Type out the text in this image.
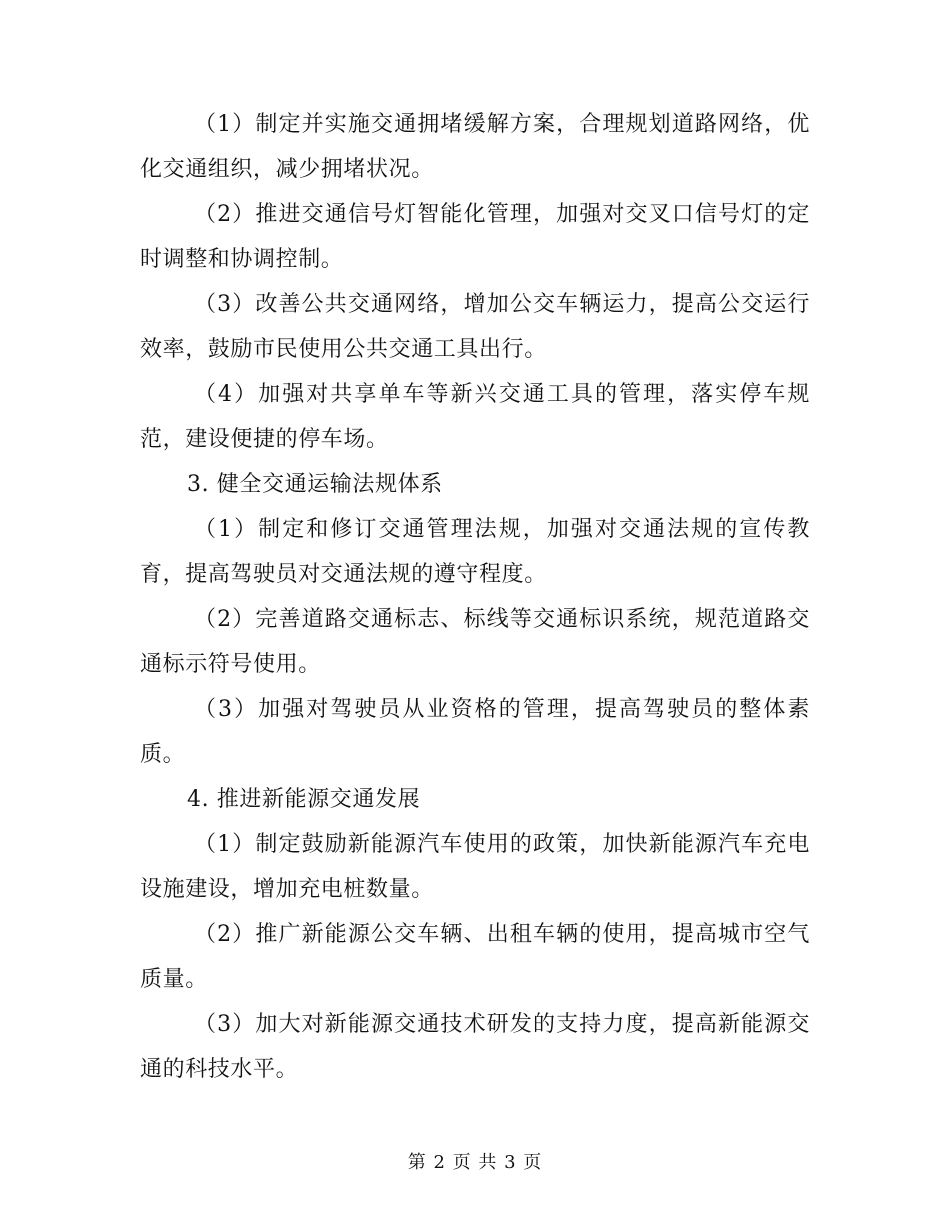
（1）制定并实施交通拥堵缓解方案，合理规划道路网络，优化交通组织，减少拥堵状况。

（2）推进交通信号灯智能化管理，加强对交叉口信号灯的定时调整和协调控制。

（3）改善公共交通网络，增加公交车辆运力，提高公交运行效率，鼓励市民使用公共交通工具出行。

（4）加强对共享单车等新兴交通工具的管理，落实停车规范，建设便捷的停车场。

3. 健全交通运输法规体系

（1）制定和修订交通管理法规，加强对交通法规的宣传教育，提高驾驶员对交通法规的遵守程度。

（2）完善道路交通标志、标线等交通标识系统，规范道路交通标示符号使用。

（3）加强对驾驶员从业资格的管理，提高驾驶员的整体素质。

4. 推进新能源交通发展

（1）制定鼓励新能源汽车使用的政策，加快新能源汽车充电设施建设，增加充电桩数量。

（2）推广新能源公交车辆、出租车辆的使用，提高城市空气质量。

（3）加大对新能源交通技术研发的支持力度，提高新能源交通的科技水平。

第 2 页 共 3 页
